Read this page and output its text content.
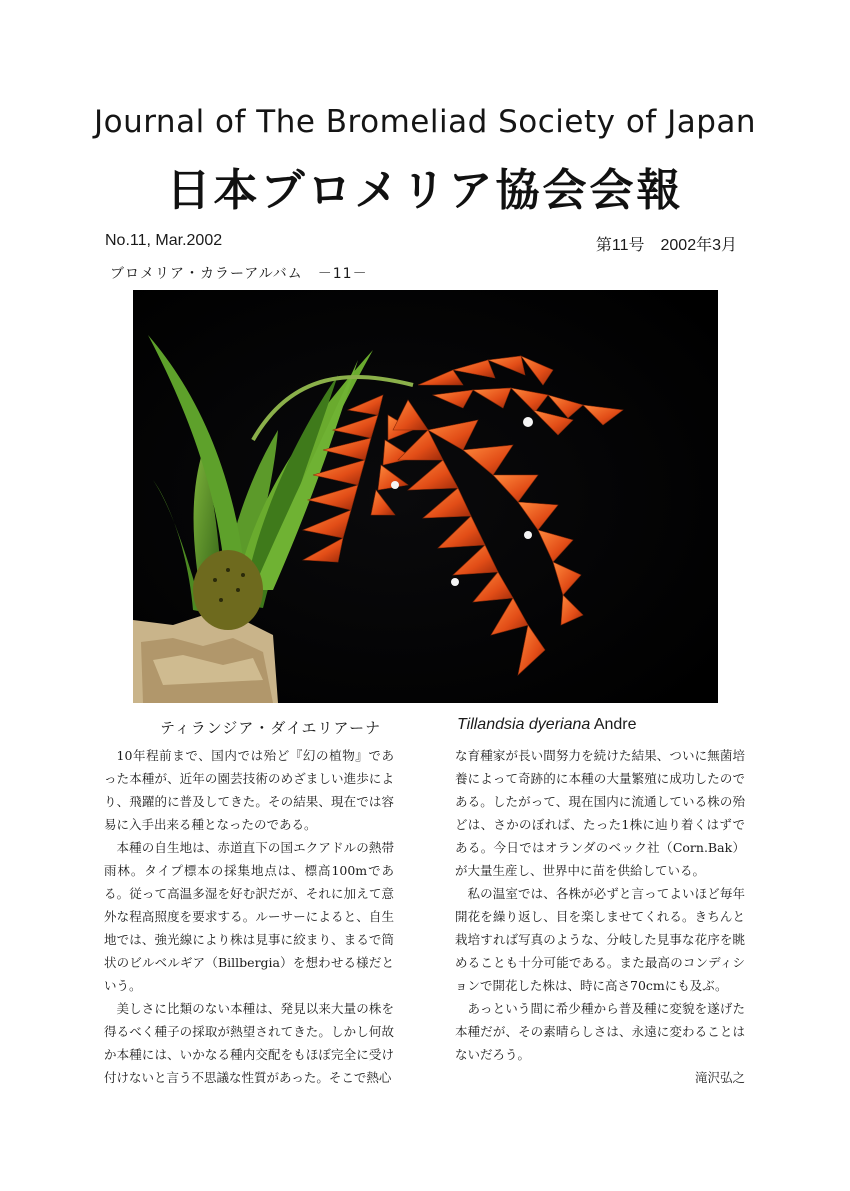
Journal of The Bromeliad Society of Japan
日本ブロメリア協会会報
No.11, Mar.2002	第11号　2002年3月
ブロメリア・カラーアルバム　－11－
ティランジア・ダイエリアーナ	Tillandsia dyeriana Andre

10年程前まで、国内では殆ど『幻の植物』であった本種が、近年の園芸技術のめざましい進歩により、飛躍的に普及してきた。その結果、現在では容易に入手出来る種となったのである。

本種の自生地は、赤道直下の国エクアドルの熱帯雨林。タイプ標本の採集地点は、標高100mである。従って高温多湿を好む訳だが、それに加えて意外な程高照度を要求する。ルーサーによると、自生地では、強光線により株は見事に絞まり、まるで筒状のビルベルギア（Billbergia）を想わせる様だという。

美しさに比類のない本種は、発見以来大量の株を得るべく種子の採取が熱望されてきた。しかし何故か本種には、いかなる種内交配をもほぼ完全に受け付けないと言う不思議な性質があった。そこで熱心

な育種家が長い間努力を続けた結果、ついに無菌培養によって奇跡的に本種の大量繁殖に成功したのである。したがって、現在国内に流通している株の殆どは、さかのぼれば、たった1株に辿り着くはずである。今日ではオランダのベック社（Corn.Bak）が大量生産し、世界中に苗を供給している。

私の温室では、各株が必ずと言ってよいほど毎年開花を繰り返し、目を楽しませてくれる。きちんと栽培すれば写真のような、分岐した見事な花序を眺めることも十分可能である。また最高のコンディションで開花した株は、時に高さ70cmにも及ぶ。

あっという間に希少種から普及種に変貌を遂げた本種だが、その素晴らしさは、永遠に変わることはないだろう。

滝沢弘之
